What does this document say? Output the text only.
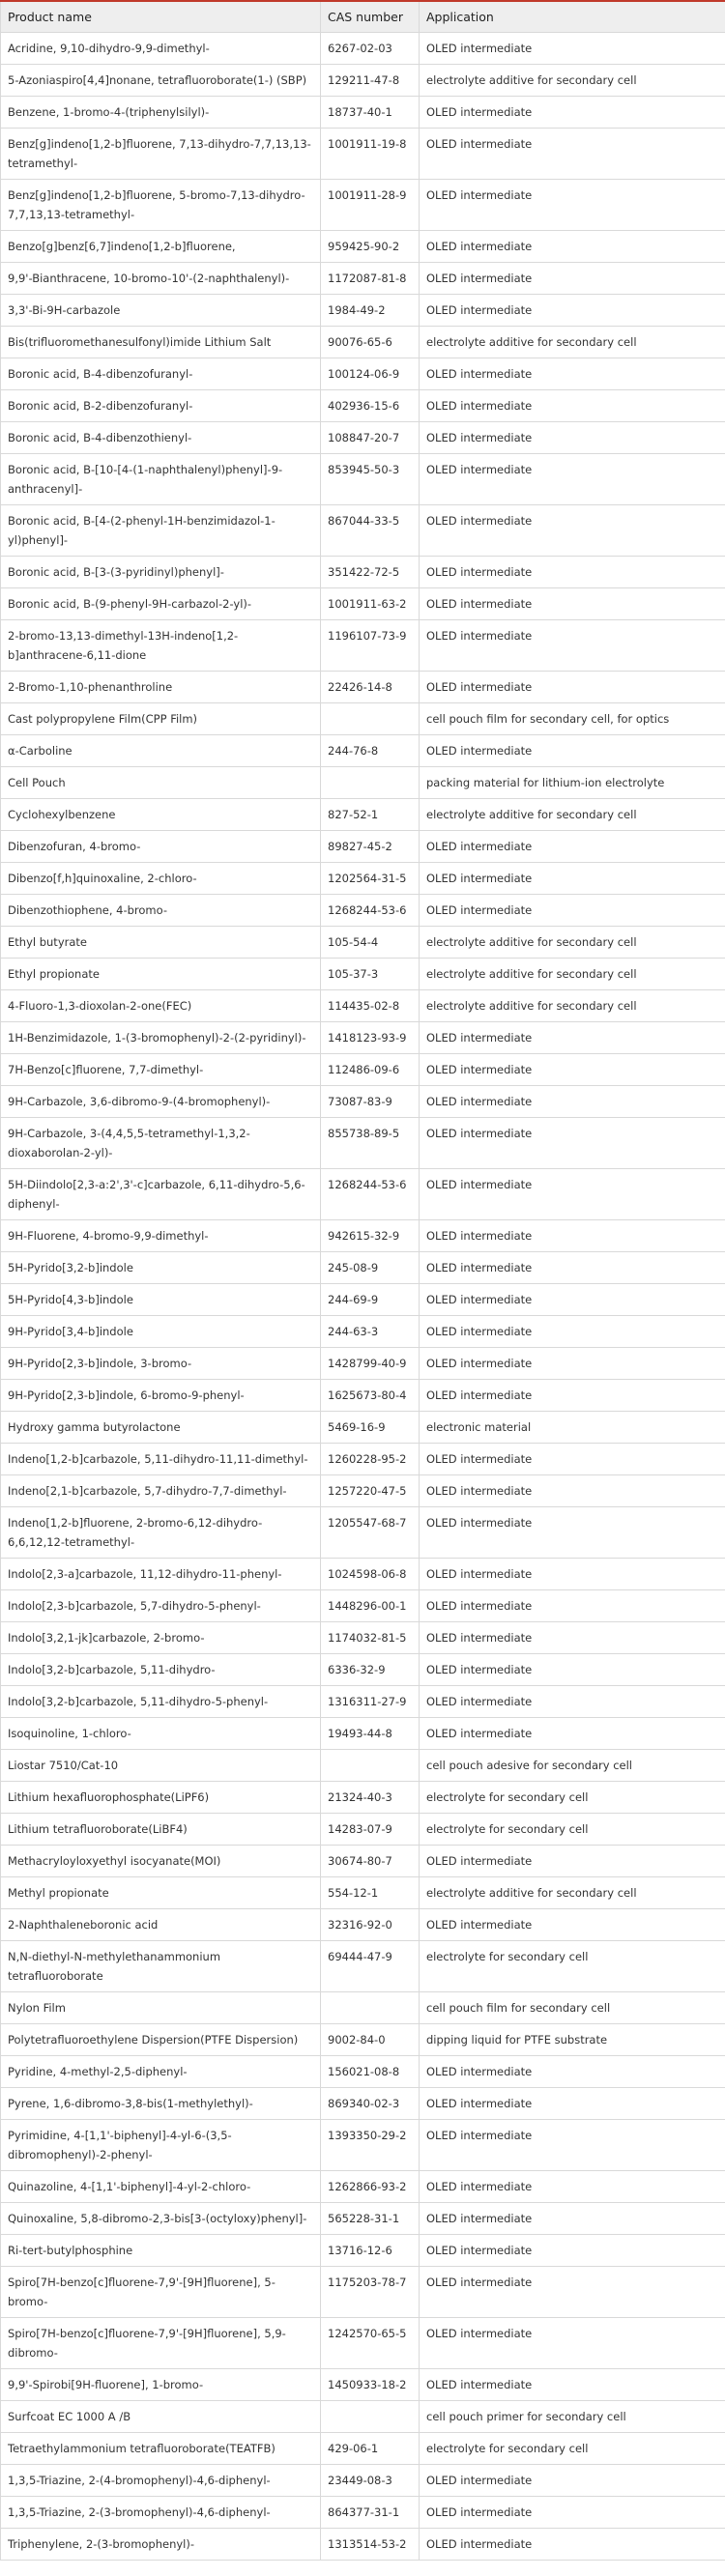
Product name	CAS number	Application
Acridine, 9,10-dihydro-9,9-dimethyl-	6267-02-03	OLED intermediate
5-Azoniaspiro[4,4]nonane, tetrafluoroborate(1-) (SBP)	129211-47-8	electrolyte additive for secondary cell
Benzene, 1-bromo-4-(triphenylsilyl)-	18737-40-1	OLED intermediate
Benz[g]indeno[1,2-b]fluorene, 7,13-dihydro-7,7,13,13-tetramethyl-	1001911-19-8	OLED intermediate
Benz[g]indeno[1,2-b]fluorene, 5-bromo-7,13-dihydro-7,7,13,13-tetramethyl-	1001911-28-9	OLED intermediate
Benzo[g]benz[6,7]indeno[1,2-b]fluorene,	959425-90-2	OLED intermediate
9,9'-Bianthracene, 10-bromo-10'-(2-naphthalenyl)-	1172087-81-8	OLED intermediate
3,3'-Bi-9H-carbazole	1984-49-2	OLED intermediate
Bis(trifluoromethanesulfonyl)imide Lithium Salt	90076-65-6	electrolyte additive for secondary cell
Boronic acid, B-4-dibenzofuranyl-	100124-06-9	OLED intermediate
Boronic acid, B-2-dibenzofuranyl-	402936-15-6	OLED intermediate
Boronic acid, B-4-dibenzothienyl-	108847-20-7	OLED intermediate
Boronic acid, B-[10-[4-(1-naphthalenyl)phenyl]-9-anthracenyl]-	853945-50-3	OLED intermediate
Boronic acid, B-[4-(2-phenyl-1H-benzimidazol-1-yl)phenyl]-	867044-33-5	OLED intermediate
Boronic acid, B-[3-(3-pyridinyl)phenyl]-	351422-72-5	OLED intermediate
Boronic acid, B-(9-phenyl-9H-carbazol-2-yl)-	1001911-63-2	OLED intermediate
2-bromo-13,13-dimethyl-13H-indeno[1,2-b]anthracene-6,11-dione	1196107-73-9	OLED intermediate
2-Bromo-1,10-phenanthroline	22426-14-8	OLED intermediate
Cast polypropylene Film(CPP Film)		cell pouch film for secondary cell, for optics
α-Carboline	244-76-8	OLED intermediate
Cell Pouch		packing material for lithium-ion electrolyte
Cyclohexylbenzene	827-52-1	electrolyte additive for secondary cell
Dibenzofuran, 4-bromo-	89827-45-2	OLED intermediate
Dibenzo[f,h]quinoxaline, 2-chloro-	1202564-31-5	OLED intermediate
Dibenzothiophene, 4-bromo-	1268244-53-6	OLED intermediate
Ethyl butyrate	105-54-4	electrolyte additive for secondary cell
Ethyl propionate	105-37-3	electrolyte additive for secondary cell
4-Fluoro-1,3-dioxolan-2-one(FEC)	114435-02-8	electrolyte additive for secondary cell
1H-Benzimidazole, 1-(3-bromophenyl)-2-(2-pyridinyl)-	1418123-93-9	OLED intermediate
7H-Benzo[c]fluorene, 7,7-dimethyl-	112486-09-6	OLED intermediate
9H-Carbazole, 3,6-dibromo-9-(4-bromophenyl)-	73087-83-9	OLED intermediate
9H-Carbazole, 3-(4,4,5,5-tetramethyl-1,3,2-dioxaborolan-2-yl)-	855738-89-5	OLED intermediate
5H-Diindolo[2,3-a:2',3'-c]carbazole, 6,11-dihydro-5,6-diphenyl-	1268244-53-6	OLED intermediate
9H-Fluorene, 4-bromo-9,9-dimethyl-	942615-32-9	OLED intermediate
5H-Pyrido[3,2-b]indole	245-08-9	OLED intermediate
5H-Pyrido[4,3-b]indole	244-69-9	OLED intermediate
9H-Pyrido[3,4-b]indole	244-63-3	OLED intermediate
9H-Pyrido[2,3-b]indole, 3-bromo-	1428799-40-9	OLED intermediate
9H-Pyrido[2,3-b]indole, 6-bromo-9-phenyl-	1625673-80-4	OLED intermediate
Hydroxy gamma butyrolactone	5469-16-9	electronic material
Indeno[1,2-b]carbazole, 5,11-dihydro-11,11-dimethyl-	1260228-95-2	OLED intermediate
Indeno[2,1-b]carbazole, 5,7-dihydro-7,7-dimethyl-	1257220-47-5	OLED intermediate
Indeno[1,2-b]fluorene, 2-bromo-6,12-dihydro-6,6,12,12-tetramethyl-	1205547-68-7	OLED intermediate
Indolo[2,3-a]carbazole, 11,12-dihydro-11-phenyl-	1024598-06-8	OLED intermediate
Indolo[2,3-b]carbazole, 5,7-dihydro-5-phenyl-	1448296-00-1	OLED intermediate
Indolo[3,2,1-jk]carbazole, 2-bromo-	1174032-81-5	OLED intermediate
Indolo[3,2-b]carbazole, 5,11-dihydro-	6336-32-9	OLED intermediate
Indolo[3,2-b]carbazole, 5,11-dihydro-5-phenyl-	1316311-27-9	OLED intermediate
Isoquinoline, 1-chloro-	19493-44-8	OLED intermediate
Liostar 7510/Cat-10		cell pouch adesive for secondary cell
Lithium hexafluorophosphate(LiPF6)	21324-40-3	electrolyte for secondary cell
Lithium tetrafluoroborate(LiBF4)	14283-07-9	electrolyte for secondary cell
Methacryloyloxyethyl isocyanate(MOI)	30674-80-7	OLED intermediate
Methyl propionate	554-12-1	electrolyte additive for secondary cell
2-Naphthaleneboronic acid	32316-92-0	OLED intermediate
N,N-diethyl-N-methylethanammonium tetrafluoroborate	69444-47-9	electrolyte for secondary cell
Nylon Film		cell pouch film for secondary cell
Polytetrafluoroethylene Dispersion(PTFE Dispersion)	9002-84-0	dipping liquid for PTFE substrate
Pyridine, 4-methyl-2,5-diphenyl-	156021-08-8	OLED intermediate
Pyrene, 1,6-dibromo-3,8-bis(1-methylethyl)-	869340-02-3	OLED intermediate
Pyrimidine, 4-[1,1'-biphenyl]-4-yl-6-(3,5-dibromophenyl)-2-phenyl-	1393350-29-2	OLED intermediate
Quinazoline, 4-[1,1'-biphenyl]-4-yl-2-chloro-	1262866-93-2	OLED intermediate
Quinoxaline, 5,8-dibromo-2,3-bis[3-(octyloxy)phenyl]-	565228-31-1	OLED intermediate
Ri-tert-butylphosphine	13716-12-6	OLED intermediate
Spiro[7H-benzo[c]fluorene-7,9'-[9H]fluorene], 5-bromo-	1175203-78-7	OLED intermediate
Spiro[7H-benzo[c]fluorene-7,9'-[9H]fluorene], 5,9-dibromo-	1242570-65-5	OLED intermediate
9,9'-Spirobi[9H-fluorene], 1-bromo-	1450933-18-2	OLED intermediate
Surfcoat EC 1000 A /B		cell pouch primer for secondary cell
Tetraethylammonium tetrafluoroborate(TEATFB)	429-06-1	electrolyte for secondary cell
1,3,5-Triazine, 2-(4-bromophenyl)-4,6-diphenyl-	23449-08-3	OLED intermediate
1,3,5-Triazine, 2-(3-bromophenyl)-4,6-diphenyl-	864377-31-1	OLED intermediate
Triphenylene, 2-(3-bromophenyl)-	1313514-53-2	OLED intermediate
